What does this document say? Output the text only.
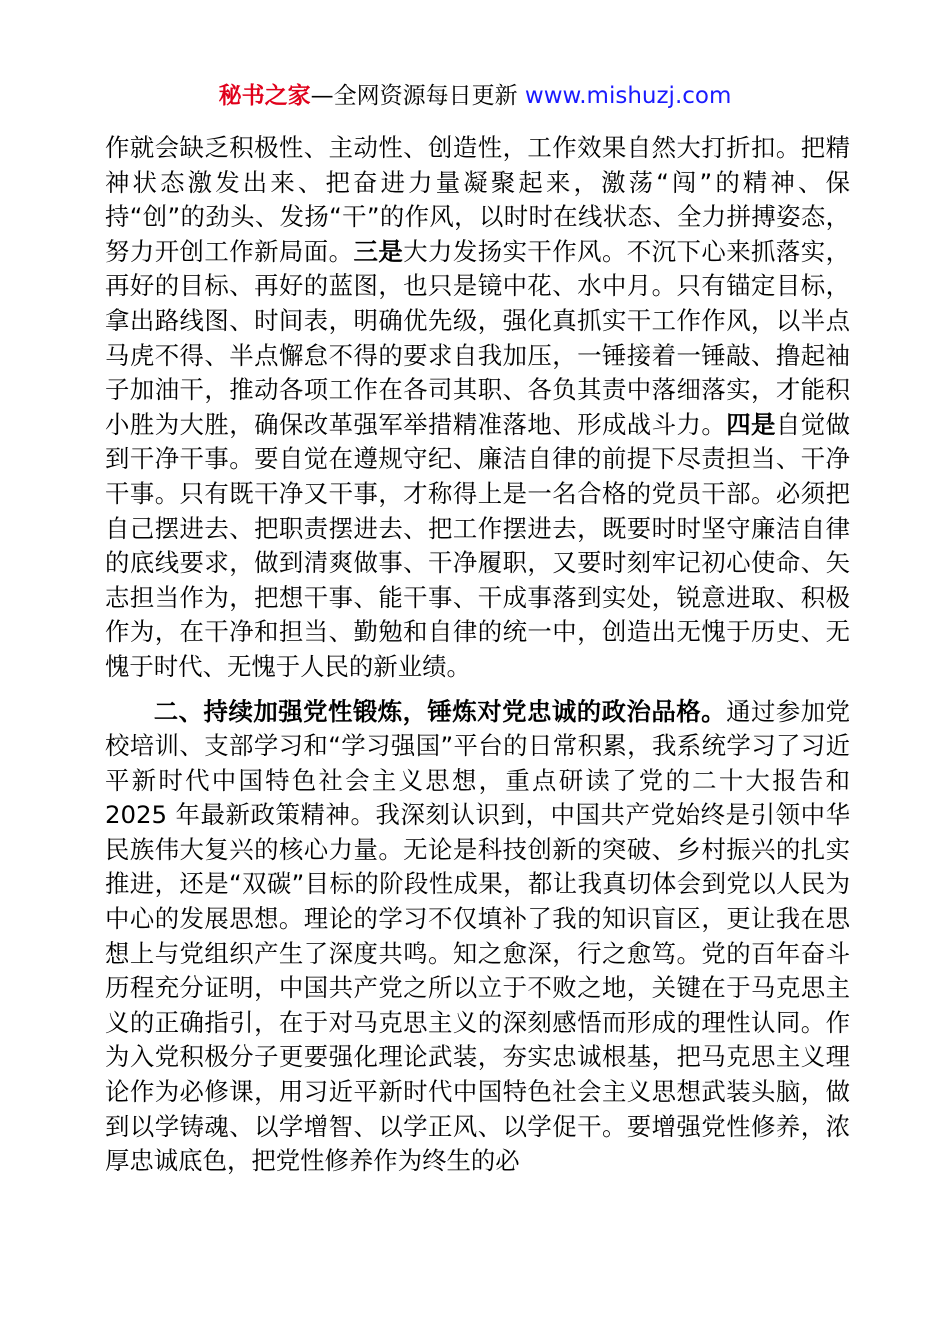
秘书之家—全网资源每日更新 www.mishuzj.com

作就会缺乏积极性、主动性、创造性，工作效果自然大打折扣。把精神状态激发出来、把奋进力量凝聚起来，激荡“闯”的精神、保持“创”的劲头、发扬“干”的作风，以时时在线状态、全力拼搏姿态，努力开创工作新局面。三是大力发扬实干作风。不沉下心来抓落实，再好的目标、再好的蓝图，也只是镜中花、水中月。只有锚定目标，拿出路线图、时间表，明确优先级，强化真抓实干工作作风，以半点马虎不得、半点懈怠不得的要求自我加压，一锤接着一锤敲、撸起袖子加油干，推动各项工作在各司其职、各负其责中落细落实，才能积小胜为大胜，确保改革强军举措精准落地、形成战斗力。四是自觉做到干净干事。要自觉在遵规守纪、廉洁自律的前提下尽责担当、干净干事。只有既干净又干事，才称得上是一名合格的党员干部。必须把自己摆进去、把职责摆进去、把工作摆进去，既要时时坚守廉洁自律的底线要求，做到清爽做事、干净履职，又要时刻牢记初心使命、矢志担当作为，把想干事、能干事、干成事落到实处，锐意进取、积极作为，在干净和担当、勤勉和自律的统一中，创造出无愧于历史、无愧于时代、无愧于人民的新业绩。

二、持续加强党性锻炼，锤炼对党忠诚的政治品格。通过参加党校培训、支部学习和“学习强国”平台的日常积累，我系统学习了习近平新时代中国特色社会主义思想，重点研读了党的二十大报告和 2025 年最新政策精神。我深刻认识到，中国共产党始终是引领中华民族伟大复兴的核心力量。无论是科技创新的突破、乡村振兴的扎实推进，还是“双碳”目标的阶段性成果，都让我真切体会到党以人民为中心的发展思想。理论的学习不仅填补了我的知识盲区，更让我在思想上与党组织产生了深度共鸣。知之愈深，行之愈笃。党的百年奋斗历程充分证明，中国共产党之所以立于不败之地，关键在于马克思主义的正确指引，在于对马克思主义的深刻感悟而形成的理性认同。作为入党积极分子更要强化理论武装，夯实忠诚根基，把马克思主义理论作为必修课，用习近平新时代中国特色社会主义思想武装头脑，做到以学铸魂、以学增智、以学正风、以学促干。要增强党性修养，浓厚忠诚底色，把党性修养作为终生的必
